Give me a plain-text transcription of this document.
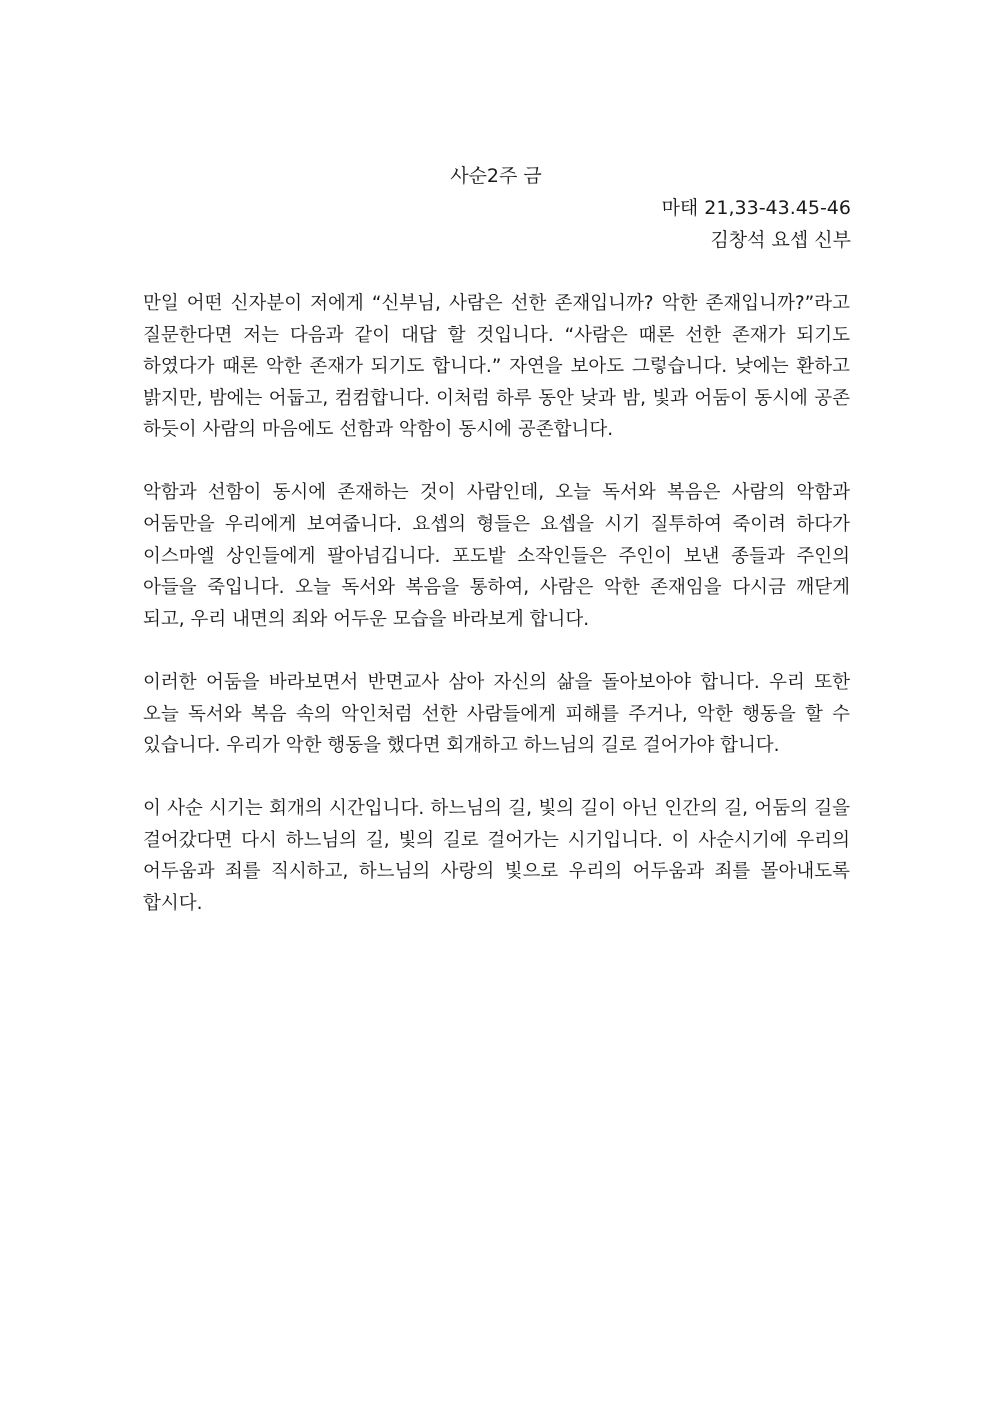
사순2주 금
마태 21,33-43.45-46
김창석 요셉 신부

만일 어떤 신자분이 저에게 “신부님, 사람은 선한 존재입니까? 악한 존재입니까?”라고 질문한다면 저는 다음과 같이 대답 할 것입니다. “사람은 때론 선한 존재가 되기도 하였다가 때론 악한 존재가 되기도 합니다.” 자연을 보아도 그렇습니다. 낮에는 환하고 밝지만, 밤에는 어둡고, 컴컴합니다. 이처럼 하루 동안 낮과 밤, 빛과 어둠이 동시에 공존 하듯이 사람의 마음에도 선함과 악함이 동시에 공존합니다.

악함과 선함이 동시에 존재하는 것이 사람인데, 오늘 독서와 복음은 사람의 악함과 어둠만을 우리에게 보여줍니다. 요셉의 형들은 요셉을 시기 질투하여 죽이려 하다가 이스마엘 상인들에게 팔아넘깁니다. 포도밭 소작인들은 주인이 보낸 종들과 주인의 아들을 죽입니다. 오늘 독서와 복음을 통하여, 사람은 악한 존재임을 다시금 깨닫게 되고, 우리 내면의 죄와 어두운 모습을 바라보게 합니다.

이러한 어둠을 바라보면서 반면교사 삼아 자신의 삶을 돌아보아야 합니다. 우리 또한 오늘 독서와 복음 속의 악인처럼 선한 사람들에게 피해를 주거나, 악한 행동을 할 수 있습니다. 우리가 악한 행동을 했다면 회개하고 하느님의 길로 걸어가야 합니다.

이 사순 시기는 회개의 시간입니다. 하느님의 길, 빛의 길이 아닌 인간의 길, 어둠의 길을 걸어갔다면 다시 하느님의 길, 빛의 길로 걸어가는 시기입니다. 이 사순시기에 우리의 어두움과 죄를 직시하고, 하느님의 사랑의 빛으로 우리의 어두움과 죄를 몰아내도록 합시다.
